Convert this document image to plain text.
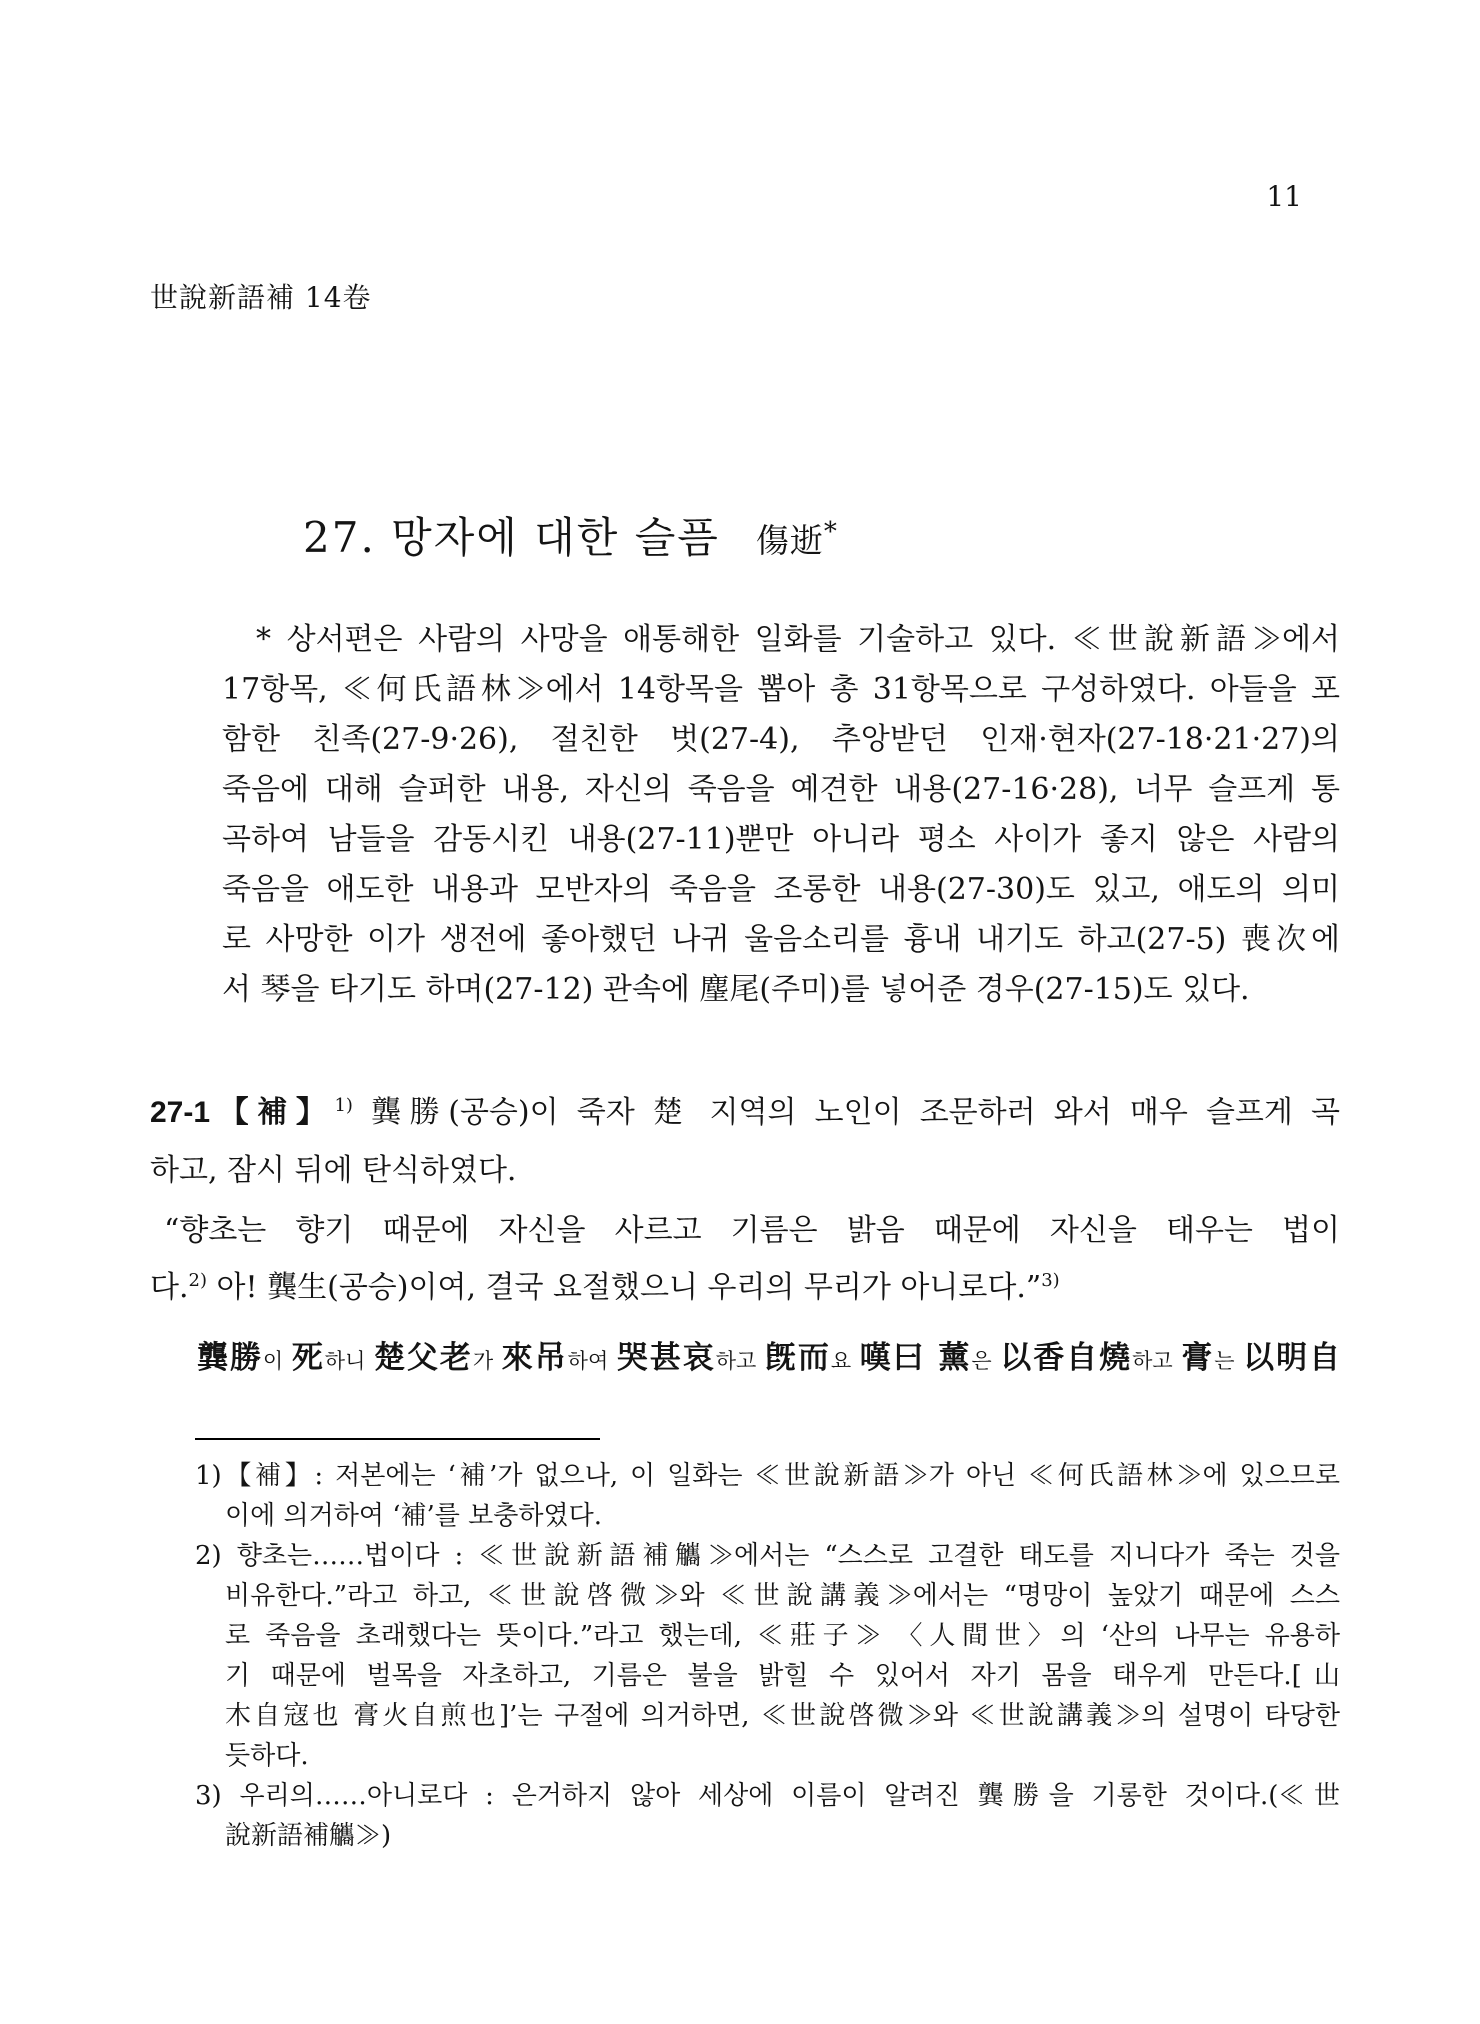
11
世說新語補 14卷
27. 망자에 대한 슬픔 傷逝*
* 상서편은 사람의 사망을 애통해한 일화를 기술하고 있다. ≪世說新語≫에서
17항목, ≪何氏語林≫에서 14항목을 뽑아 총 31항목으로 구성하였다. 아들을 포
함한 친족(27-9·26), 절친한 벗(27-4), 추앙받던 인재·현자(27-18·21·27)의
죽음에 대해 슬퍼한 내용, 자신의 죽음을 예견한 내용(27-16·28), 너무 슬프게 통
곡하여 남들을 감동시킨 내용(27-11)뿐만 아니라 평소 사이가 좋지 않은 사람의
죽음을 애도한 내용과 모반자의 죽음을 조롱한 내용(27-30)도 있고, 애도의 의미
로 사망한 이가 생전에 좋아했던 나귀 울음소리를 흉내 내기도 하고(27-5) 喪次에
서 琴을 타기도 하며(27-12) 관속에 麈尾(주미)를 넣어준 경우(27-15)도 있다.
27-1【補】$^{1)}$ 龔勝(공승)이 죽자 楚 지역의 노인이 조문하러 와서 매우 슬프게 곡
하고, 잠시 뒤에 탄식하였다.
“향초는 향기 때문에 자신을 사르고 기름은 밝음 때문에 자신을 태우는 법이
다.$^{2)}$ 아! 龔生(공승)이여, 결국 요절했으니 우리의 무리가 아니로다.”$^{3)}$
龔勝이 死하니 楚父老가 來吊하여 哭甚哀하고 旣而요 嘆曰 薰은 以香自燒하고 膏는 以明自
1)【補】: 저본에는 ‘補’가 없으나, 이 일화는 ≪世說新語≫가 아닌 ≪何氏語林≫에 있으므로
이에 의거하여 ‘補’를 보충하였다.
2) 향초는……법이다 : ≪世說新語補觿≫에서는 “스스로 고결한 태도를 지니다가 죽는 것을
비유한다.”라고 하고, ≪世說啓微≫와 ≪世說講義≫에서는 “명망이 높았기 때문에 스스
로 죽음을 초래했다는 뜻이다.”라고 했는데, ≪莊子≫ 〈人間世〉의 ‘산의 나무는 유용하
기 때문에 벌목을 자초하고, 기름은 불을 밝힐 수 있어서 자기 몸을 태우게 만든다.[山
木自寇也 膏火自煎也]’는 구절에 의거하면, ≪世說啓微≫와 ≪世說講義≫의 설명이 타당한
듯하다.
3) 우리의……아니로다 : 은거하지 않아 세상에 이름이 알려진 龔勝을 기롱한 것이다.(≪世
說新語補觿≫)
